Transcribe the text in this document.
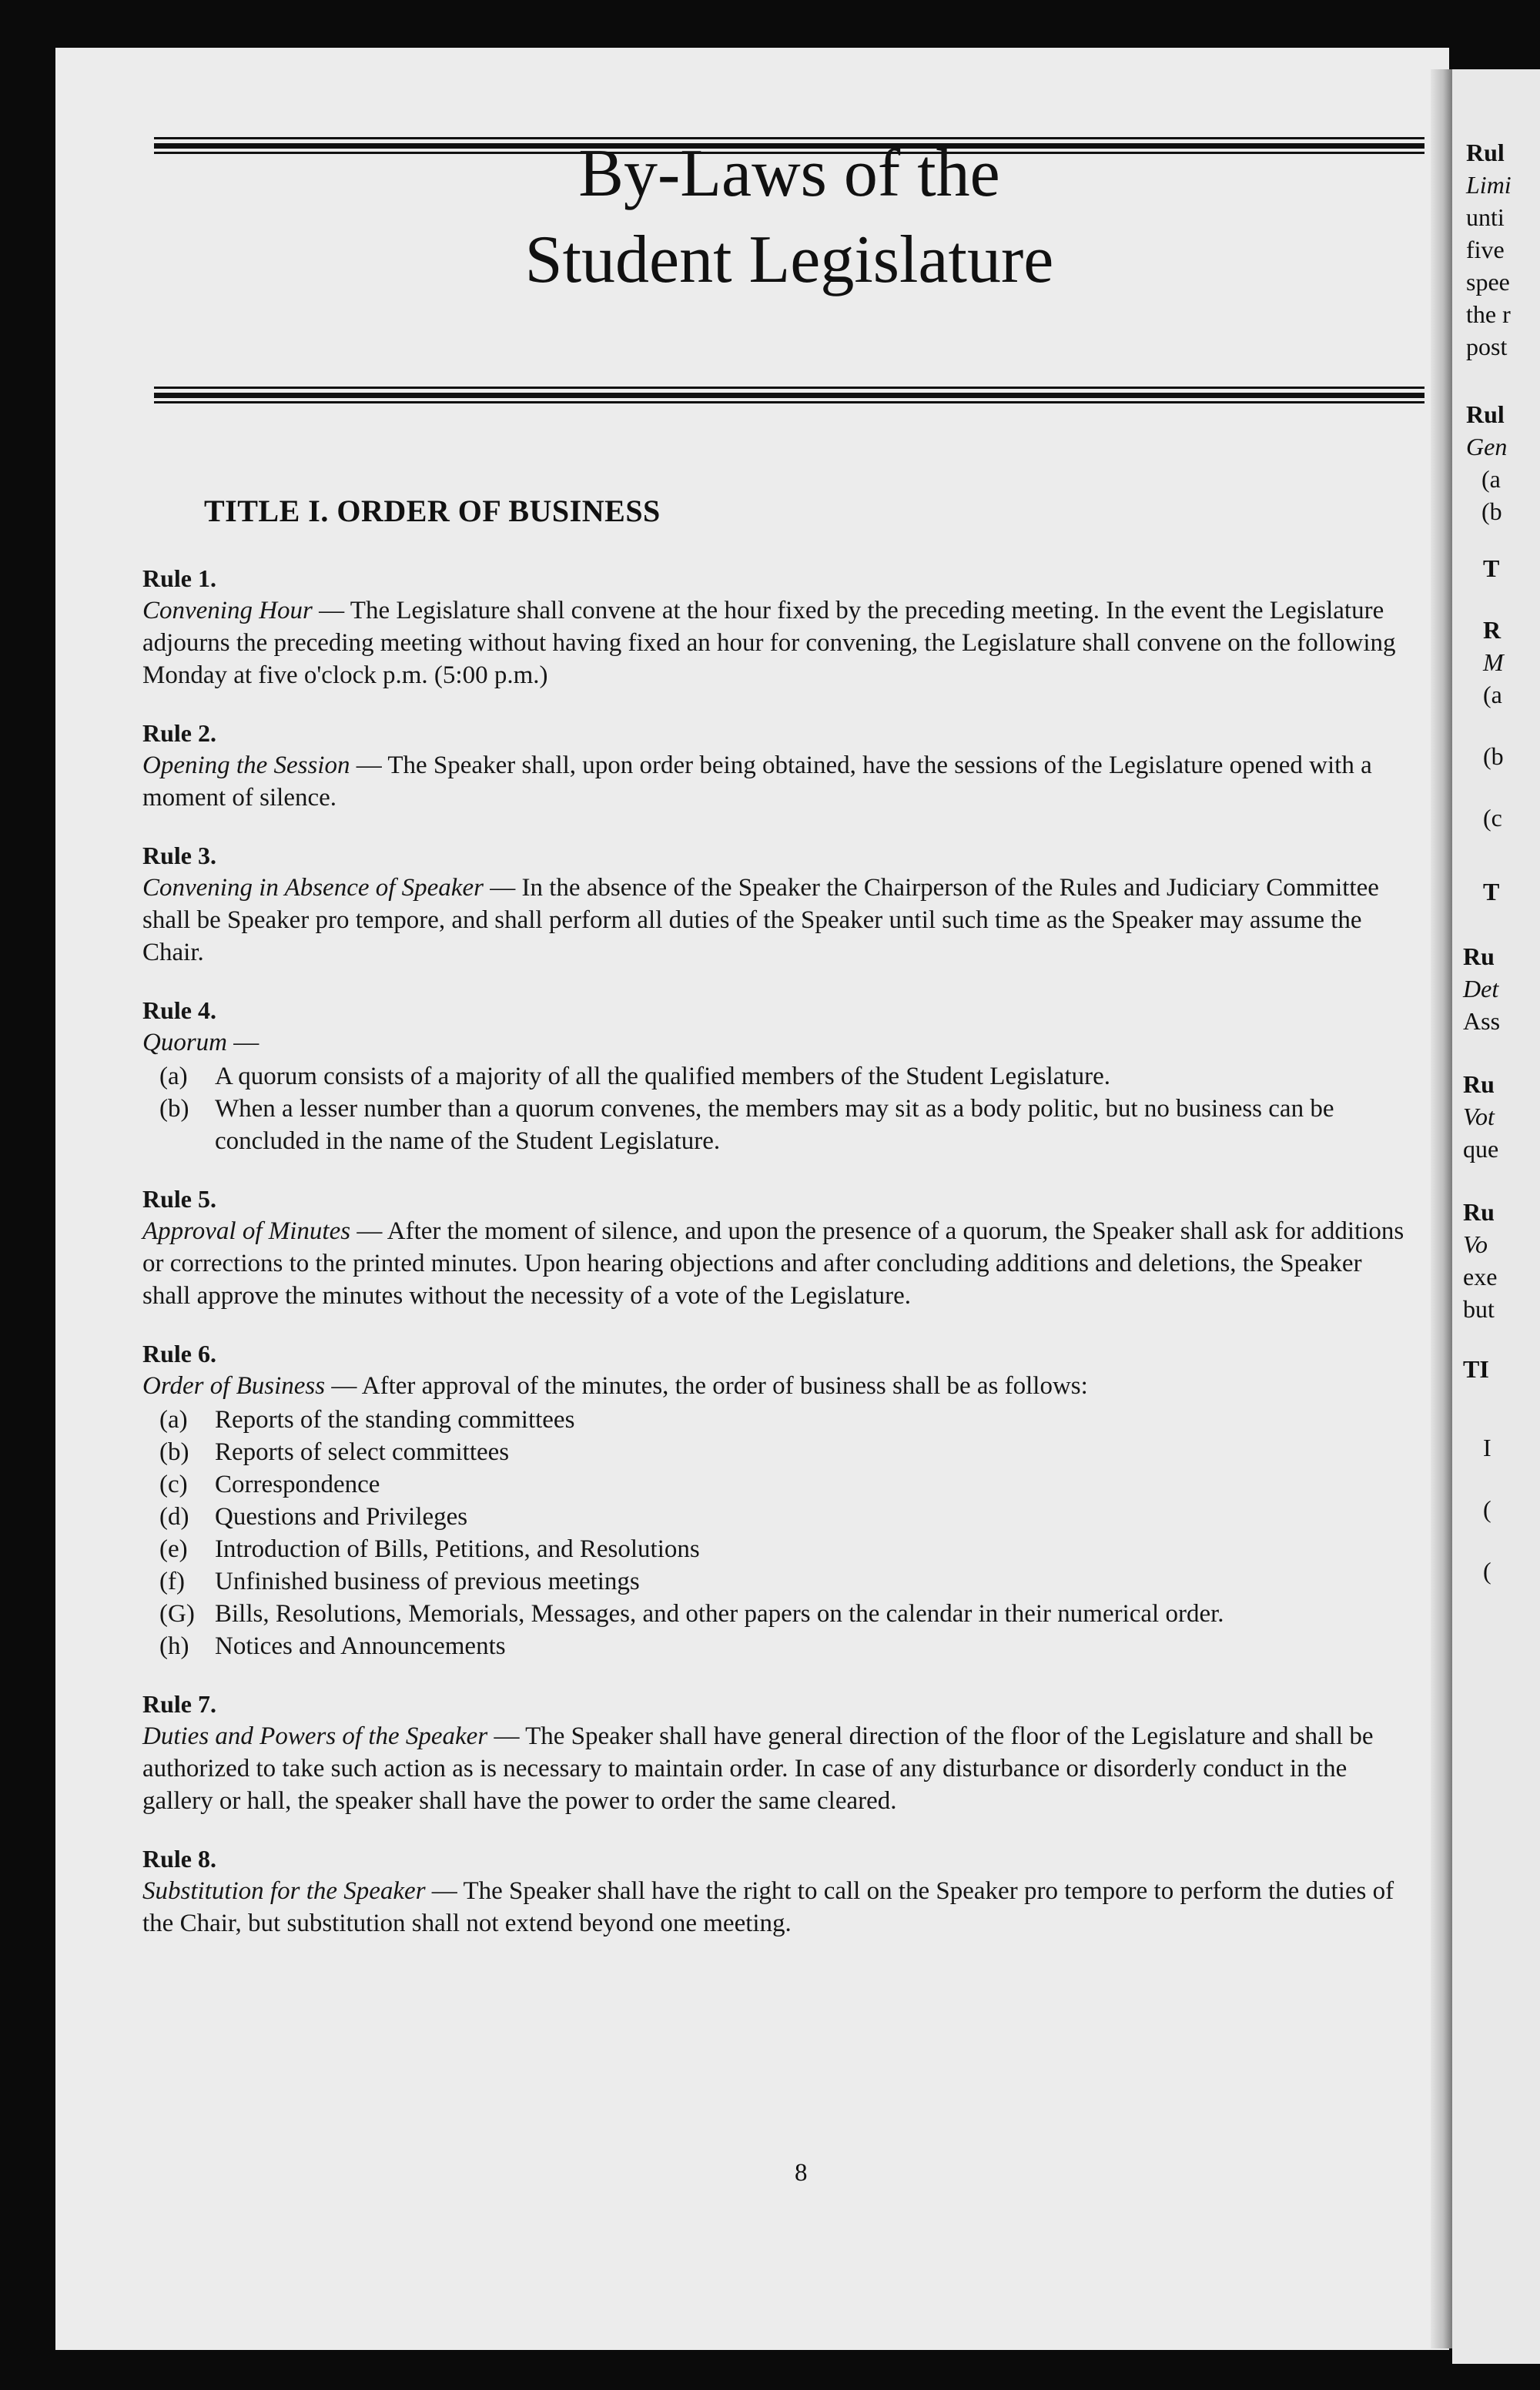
By-Laws of the
Student Legislature
TITLE I. ORDER OF BUSINESS

Rule 1.

Convening Hour — The Legislature shall convene at the hour fixed by the preceding meeting. In the event the Legislature adjourns the preceding meeting without having fixed an hour for convening, the Legislature shall convene on the following Monday at five o'clock p.m. (5:00 p.m.)

Rule 2.

Opening the Session — The Speaker shall, upon order being obtained, have the sessions of the Legislature opened with a moment of silence.

Rule 3.

Convening in Absence of Speaker — In the absence of the Speaker the Chairperson of the Rules and Judiciary Committee shall be Speaker pro tempore, and shall perform all duties of the Speaker until such time as the Speaker may assume the Chair.

Rule 4.

Quorum —

(a)	A quorum consists of a majority of all the qualified members of the Student Legislature.
(b)	When a lesser number than a quorum convenes, the members may sit as a body politic, but no business can be concluded in the name of the Student Legislature.

Rule 5.

Approval of Minutes — After the moment of silence, and upon the presence of a quorum, the Speaker shall ask for additions or corrections to the printed minutes. Upon hearing objections and after concluding additions and deletions, the Speaker shall approve the minutes without the necessity of a vote of the Legislature.

Rule 6.

Order of Business — After approval of the minutes, the order of business shall be as follows:

(a)	Reports of the standing committees
(b)	Reports of select committees
(c)	Correspondence
(d)	Questions and Privileges
(e)	Introduction of Bills, Petitions, and Resolutions
(f)	Unfinished business of previous meetings
(G) Bills, Resolutions, Memorials, Messages, and other papers on the calendar in their numerical order.
(h)	Notices and Announcements

Rule 7.

Duties and Powers of the Speaker — The Speaker shall have general direction of the floor of the Legislature and shall be authorized to take such action as is necessary to maintain order. In case of any disturbance or disorderly conduct in the gallery or hall, the speaker shall have the power to order the same cleared.

Rule 8.

Substitution for the Speaker — The Speaker shall have the right to call on the Speaker pro tempore to perform the duties of the Chair, but substitution shall not extend beyond one meeting.

8
Rul
Limi
unti
five
spee
the r
post
Rul
Gen
(a
(b
T
R
M
(a
(b
(c
T
Ru
Det
Ass
Ru
Vot
que
Ru
Vo
exe
but
TI
I
(
(
